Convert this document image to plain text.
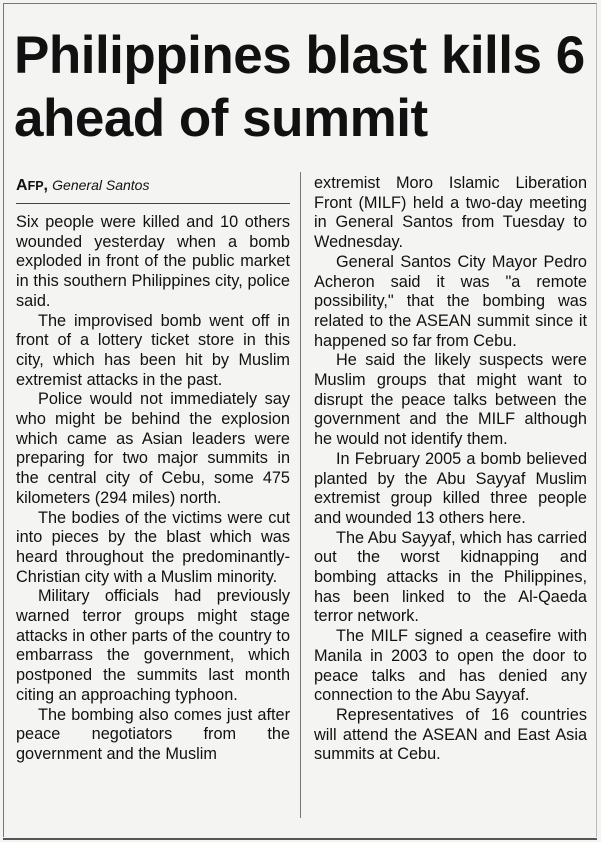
Philippines blast kills 6 ahead of summit
AFP, General Santos

Six people were killed and 10 others wounded yesterday when a bomb exploded in front of the public market in this southern Philippines city, police said.

The improvised bomb went off in front of a lottery ticket store in this city, which has been hit by Muslim extremist attacks in the past.

Police would not immediately say who might be behind the explosion which came as Asian leaders were preparing for two major summits in the central city of Cebu, some 475 kilometers (294 miles) north.

The bodies of the victims were cut into pieces by the blast which was heard throughout the predominantly-Christian city with a Muslim minority.

Military officials had previously warned terror groups might stage attacks in other parts of the country to embarrass the government, which postponed the summits last month citing an approaching typhoon.

The bombing also comes just after peace negotiators from the government and the Muslim

extremist Moro Islamic Liberation Front (MILF) held a two-day meeting in General Santos from Tuesday to Wednesday.

General Santos City Mayor Pedro Acheron said it was "a remote possibility," that the bombing was related to the ASEAN summit since it happened so far from Cebu.

He said the likely suspects were Muslim groups that might want to disrupt the peace talks between the government and the MILF although he would not identify them.

In February 2005 a bomb believed planted by the Abu Sayyaf Muslim extremist group killed three people and wounded 13 others here.

The Abu Sayyaf, which has carried out the worst kidnapping and bombing attacks in the Philippines, has been linked to the Al-Qaeda terror network.

The MILF signed a ceasefire with Manila in 2003 to open the door to peace talks and has denied any connection to the Abu Sayyaf.

Representatives of 16 countries will attend the ASEAN and East Asia summits at Cebu.
